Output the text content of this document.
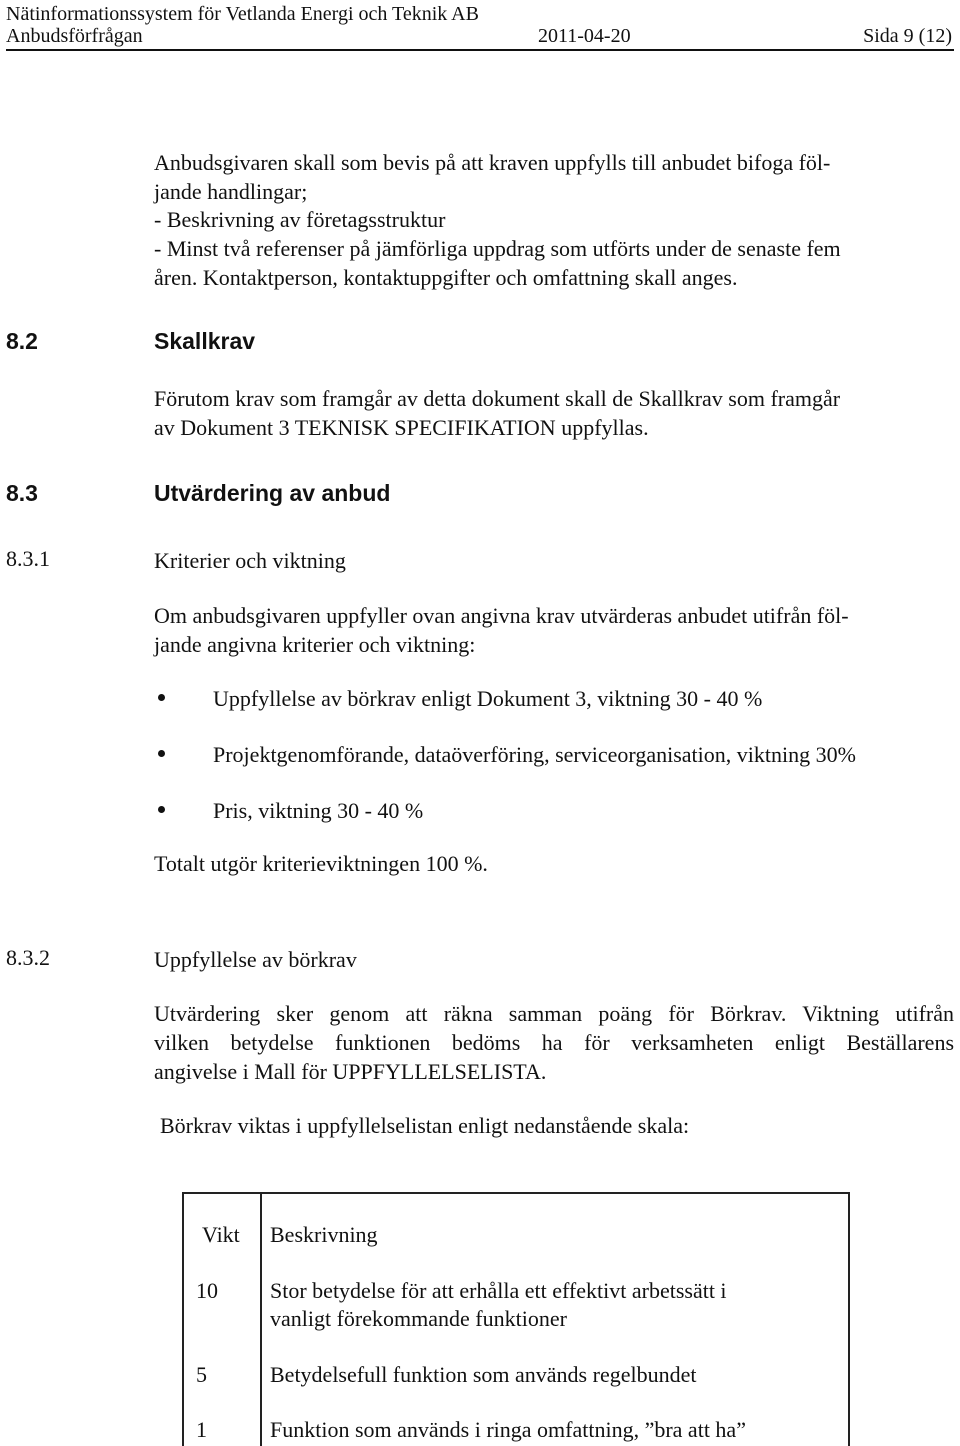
Nätinformationssystem för Vetlanda Energi och Teknik AB
Anbudsförfrågan	2011-04-20	Sida 9 (12)
Anbudsgivaren skall som bevis på att kraven uppfylls till anbudet bifoga föl-
jande handlingar;
- Beskrivning av företagsstruktur
- Minst två referenser på jämförliga uppdrag som utförts under de senaste fem
åren. Kontaktperson, kontaktuppgifter och omfattning skall anges.
8.2	Skallkrav
Förutom krav som framgår av detta dokument skall de Skallkrav som framgår
av Dokument 3 TEKNISK SPECIFIKATION uppfyllas.
8.3	Utvärdering av anbud
8.3.1	Kriterier och viktning
Om anbudsgivaren uppfyller ovan angivna krav utvärderas anbudet utifrån föl-
jande angivna kriterier och viktning:
Uppfyllelse av börkrav enligt Dokument 3, viktning 30 - 40 %
Projektgenomförande, dataöverföring, serviceorganisation, viktning 30%
Pris, viktning 30 - 40 %
Totalt utgör kriterieviktningen 100 %.
8.3.2	Uppfyllelse av börkrav
Utvärdering sker genom att räkna samman poäng för Börkrav. Viktning utifrån
vilken betydelse funktionen bedöms ha för verksamheten enligt Beställarens
angivelse i Mall för UPPFYLLELSELISTA.
Börkrav viktas i uppfyllelselistan enligt nedanstående skala:
Vikt Beskrivning
10 Stor betydelse för att erhålla ett effektivt arbetssätt i
vanligt förekommande funktioner
5	Betydelsefull funktion som används regelbundet
1	Funktion som används i ringa omfattning, ”bra att ha”
